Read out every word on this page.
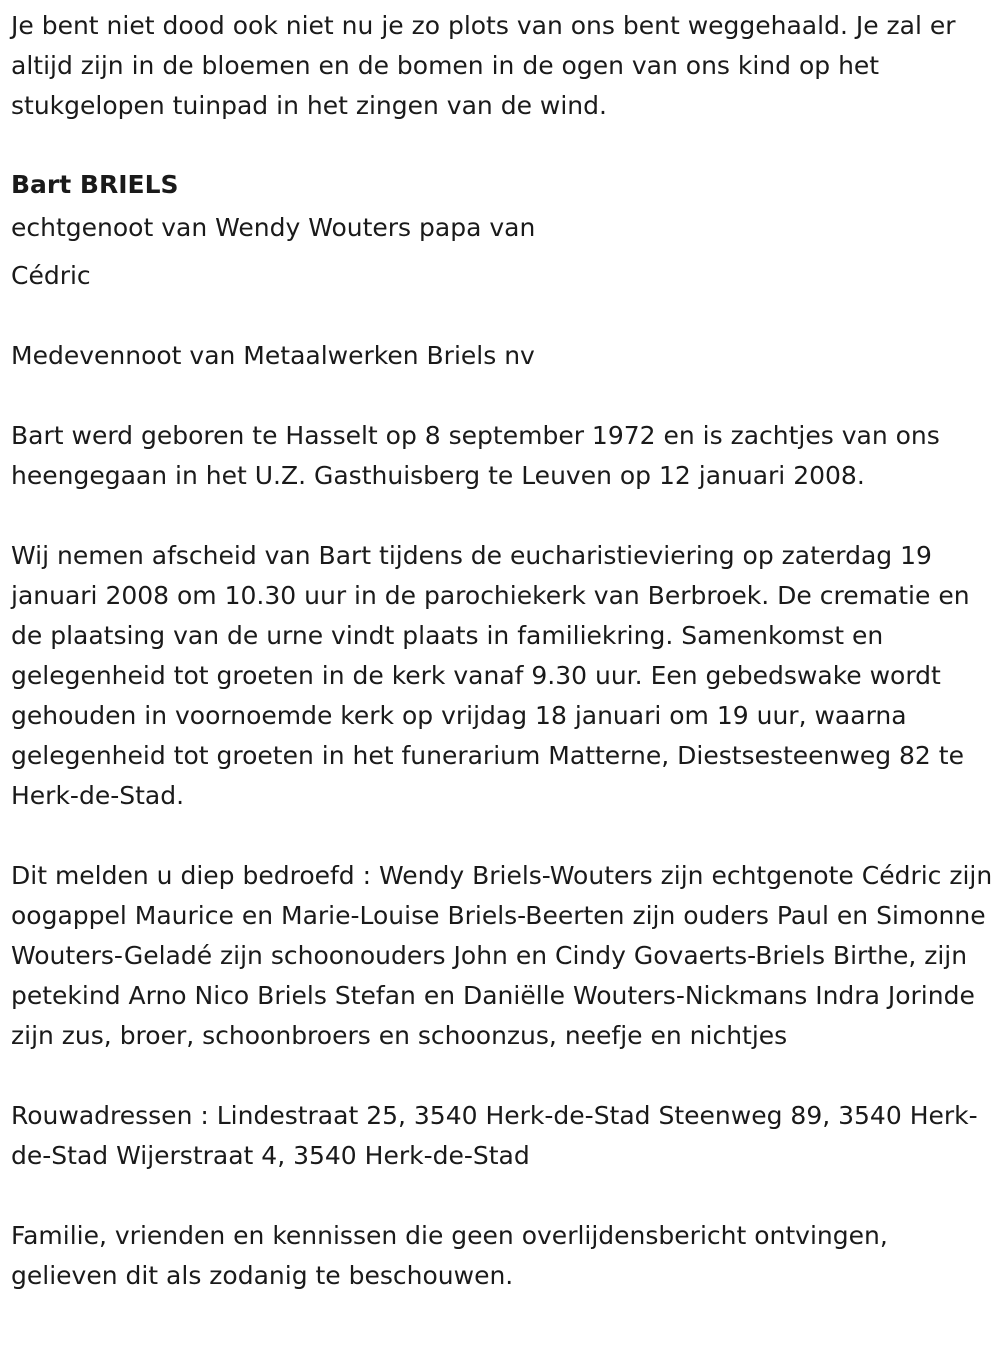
Je bent niet dood ook niet nu je zo plots van ons bent weggehaald. Je zal er altijd zijn in de bloemen en de bomen in de ogen van ons kind op het stukgelopen tuinpad in het zingen van de wind.

Bart BRIELS

echtgenoot van Wendy Wouters papa van

Cédric

Medevennoot van Metaalwerken Briels nv

Bart werd geboren te Hasselt op 8 september 1972 en is zachtjes van ons heengegaan in het U.Z. Gasthuisberg te Leuven op 12 januari 2008.

Wij nemen afscheid van Bart tijdens de eucharistieviering op zaterdag 19 januari 2008 om 10.30 uur in de parochiekerk van Berbroek. De crematie en de plaatsing van de urne vindt plaats in familiekring. Samenkomst en gelegenheid tot groeten in de kerk vanaf 9.30 uur. Een gebedswake wordt gehouden in voornoemde kerk op vrijdag 18 januari om 19 uur, waarna gelegenheid tot groeten in het funerarium Matterne, Diestsesteenweg 82 te Herk-de-Stad.

Dit melden u diep bedroefd : Wendy Briels-Wouters zijn echtgenote Cédric zijn oogappel Maurice en Marie-Louise Briels-Beerten zijn ouders Paul en Simonne Wouters-Geladé zijn schoonouders John en Cindy Govaerts-Briels Birthe, zijn petekind Arno Nico Briels Stefan en Daniëlle Wouters-Nickmans Indra Jorinde zijn zus, broer, schoonbroers en schoonzus, neefje en nichtjes

Rouwadressen : Lindestraat 25, 3540 Herk-de-Stad Steenweg 89, 3540 Herk-de-Stad Wijerstraat 4, 3540 Herk-de-Stad

Familie, vrienden en kennissen die geen overlijdensbericht ontvingen, gelieven dit als zodanig te beschouwen.
